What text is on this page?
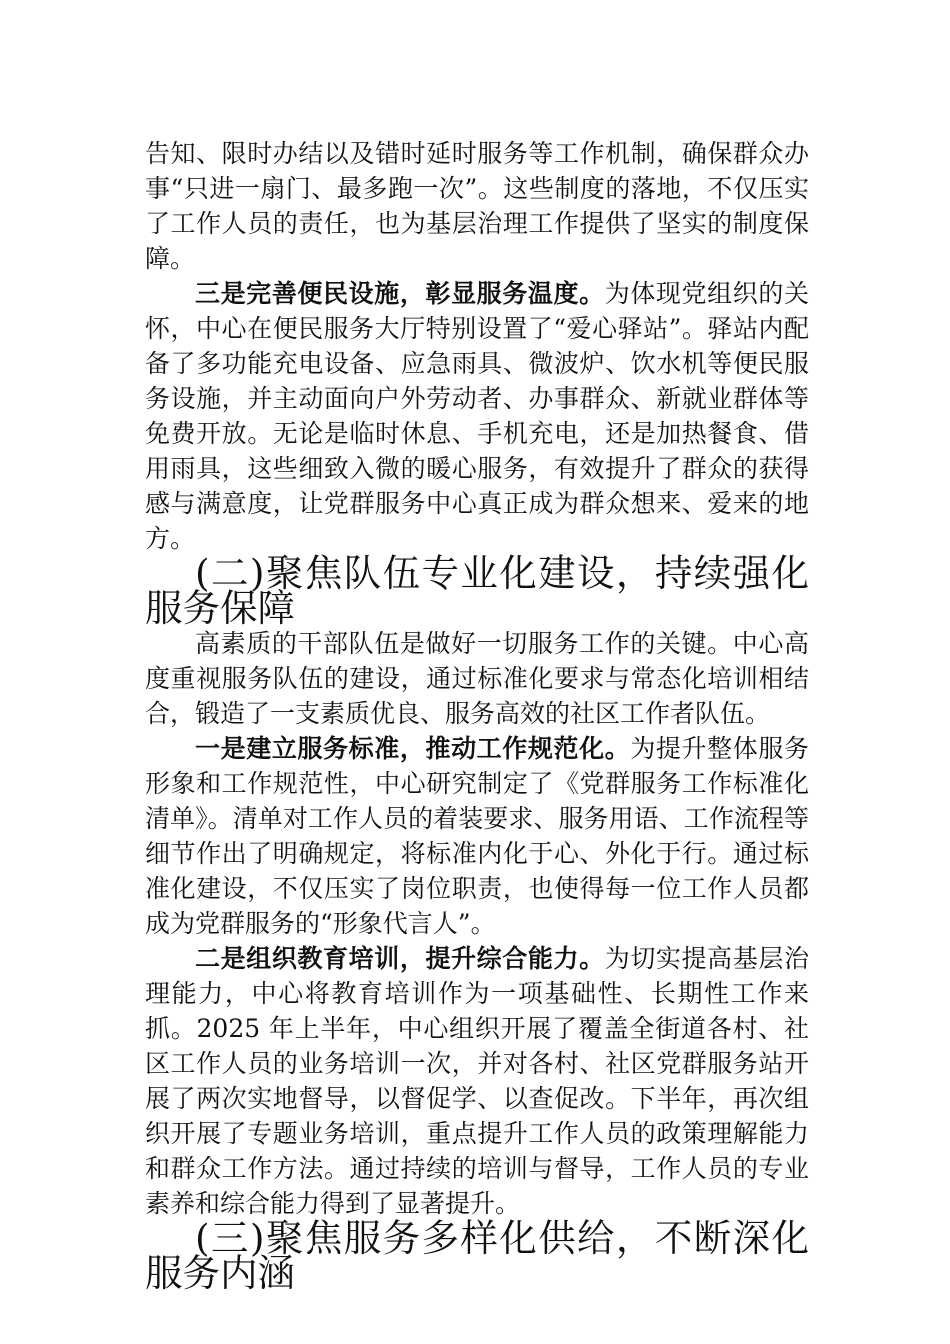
告知、限时办结以及错时延时服务等工作机制，确保群众办事“只进一扇门、最多跑一次”。这些制度的落地，不仅压实了工作人员的责任，也为基层治理工作提供了坚实的制度保障。

三是完善便民设施，彰显服务温度。为体现党组织的关怀，中心在便民服务大厅特别设置了“爱心驿站”。驿站内配备了多功能充电设备、应急雨具、微波炉、饮水机等便民服务设施，并主动面向户外劳动者、办事群众、新就业群体等免费开放。无论是临时休息、手机充电，还是加热餐食、借用雨具，这些细致入微的暖心服务，有效提升了群众的获得感与满意度，让党群服务中心真正成为群众想来、爱来的地方。

(二)聚焦队伍专业化建设，持续强化服务保障

高素质的干部队伍是做好一切服务工作的关键。中心高度重视服务队伍的建设，通过标准化要求与常态化培训相结合，锻造了一支素质优良、服务高效的社区工作者队伍。

一是建立服务标准，推动工作规范化。为提升整体服务形象和工作规范性，中心研究制定了《党群服务工作标准化清单》。清单对工作人员的着装要求、服务用语、工作流程等细节作出了明确规定，将标准内化于心、外化于行。通过标准化建设，不仅压实了岗位职责，也使得每一位工作人员都成为党群服务的“形象代言人”。

二是组织教育培训，提升综合能力。为切实提高基层治理能力，中心将教育培训作为一项基础性、长期性工作来抓。2025 年上半年，中心组织开展了覆盖全街道各村、社区工作人员的业务培训一次，并对各村、社区党群服务站开展了两次实地督导，以督促学、以查促改。下半年，再次组织开展了专题业务培训，重点提升工作人员的政策理解能力和群众工作方法。通过持续的培训与督导，工作人员的专业素养和综合能力得到了显著提升。

(三)聚焦服务多样化供给，不断深化服务内涵
